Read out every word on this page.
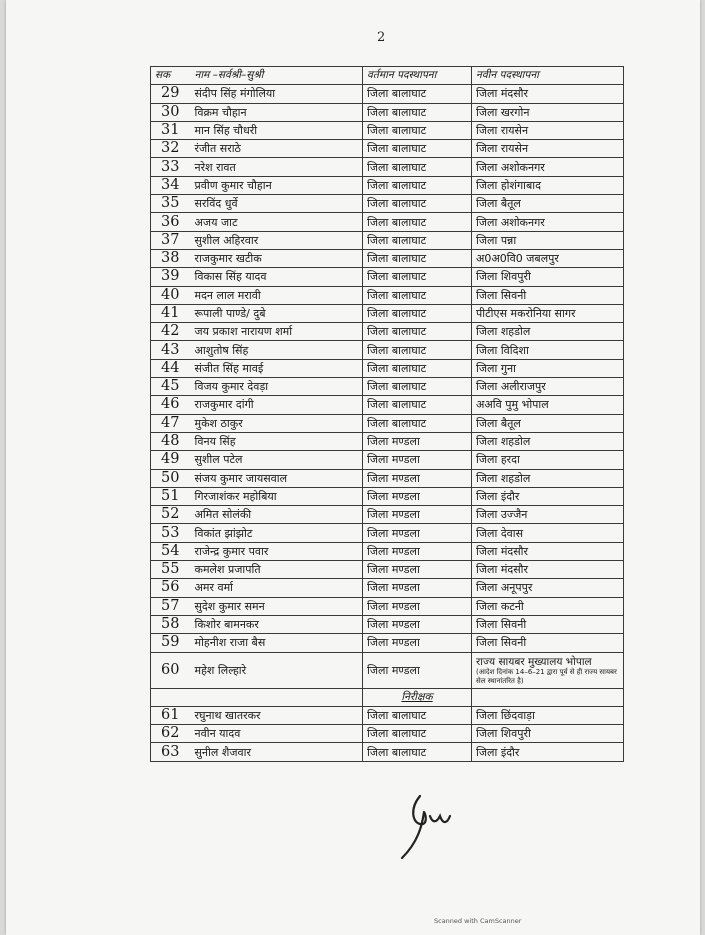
2
सक	नाम –सर्वश्री–सुश्री	वर्तमान पदस्थापना	नवीन पदस्थापना
29	संदीप सिंह मंगोलिया	जिला बालाघाट	जिला मंदसौर
30	विक्रम चौहान	जिला बालाघाट	जिला खरगोन
31	मान सिंह चौधरी	जिला बालाघाट	जिला रायसेन
32	रंजीत सराठे	जिला बालाघाट	जिला रायसेन
33	नरेश रावत	जिला बालाघाट	जिला अशोकनगर
34	प्रवीण कुमार चौहान	जिला बालाघाट	जिला होशंगाबाद
35	सरविंद धुर्वे	जिला बालाघाट	जिला बैतूल
36	अजय जाट	जिला बालाघाट	जिला अशोकनगर
37	सुशील अहिरवार	जिला बालाघाट	जिला पन्ना
38	राजकुमार खटीक	जिला बालाघाट	अ0अ0वि0 जबलपुर
39	विकास सिंह यादव	जिला बालाघाट	जिला शिवपुरी
40	मदन लाल मरावी	जिला बालाघाट	जिला सिवनी
41	रूपाली पाण्डे/ दुबे	जिला बालाघाट	पीटीएस मकरोनिया सागर
42	जय प्रकाश नारायण शर्मा	जिला बालाघाट	जिला शहडोल
43	आशुतोष सिंह	जिला बालाघाट	जिला विदिशा
44	संजीत सिंह मावई	जिला बालाघाट	जिला गुना
45	विजय कुमार देवड़ा	जिला बालाघाट	जिला अलीराजपुर
46	राजकुमार दांगी	जिला बालाघाट	अअवि पुमु भोपाल
47	मुकेश ठाकुर	जिला बालाघाट	जिला बैतूल
48	विनय सिंह	जिला मण्डला	जिला शहडोल
49	सुशील पटेल	जिला मण्डला	जिला हरदा
50	संजय कुमार जायसवाल	जिला मण्डला	जिला शहडोल
51	गिरजाशंकर महोबिया	जिला मण्डला	जिला इंदौर
52	अमित सोलंकी	जिला मण्डला	जिला उज्जैन
53	विकांत झांझोट	जिला मण्डला	जिला देवास
54	राजेन्द्र कुमार पवार	जिला मण्डला	जिला मंदसौर
55	कमलेश प्रजापति	जिला मण्डला	जिला मंदसौर
56	अमर वर्मा	जिला मण्डला	जिला अनूपपुर
57	सुदेश कुमार समन	जिला मण्डला	जिला कटनी
58	किशोर बामनकर	जिला मण्डला	जिला सिवनी
59	मोहनीश राजा बैस	जिला मण्डला	जिला सिवनी
60	महेश लिल्हारे	जिला मण्डला	राज्य सायबर मुख्यालय भोपाल
(आदेश दिनांक 14–6–21 द्वारा पूर्व से ही राज्य सायबर सेल स्थानांतरित है)

		निरीक्षक	
61	रघुनाथ खातरकर	जिला बालाघाट	जिला छिंदवाड़ा
62	नवीन यादव	जिला बालाघाट	जिला शिवपुरी
63	सुनील शैजवार	जिला बालाघाट	जिला इंदौर
Scanned with CamScanner
